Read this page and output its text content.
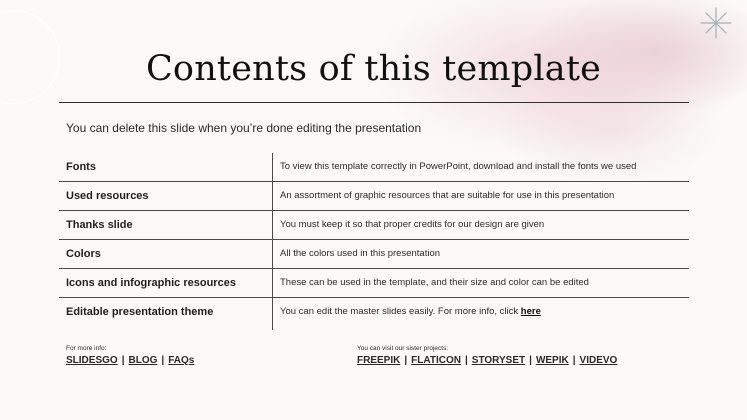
Contents of this template
You can delete this slide when you’re done editing the presentation
Fonts	To view this template correctly in PowerPoint, download and install the fonts we used
Used resources	An assortment of graphic resources that are suitable for use in this presentation
Thanks slide	You must keep it so that proper credits for our design are given
Colors	All the colors used in this presentation
Icons and infographic resources	These can be used in the template, and their size and color can be edited
Editable presentation theme	You can edit the master slides easily. For more info, click here
For more info:
SLIDESGO | BLOG | FAQs
You can visit our sister projects:
FREEPIK | FLATICON | STORYSET | WEPIK | VIDEVO
